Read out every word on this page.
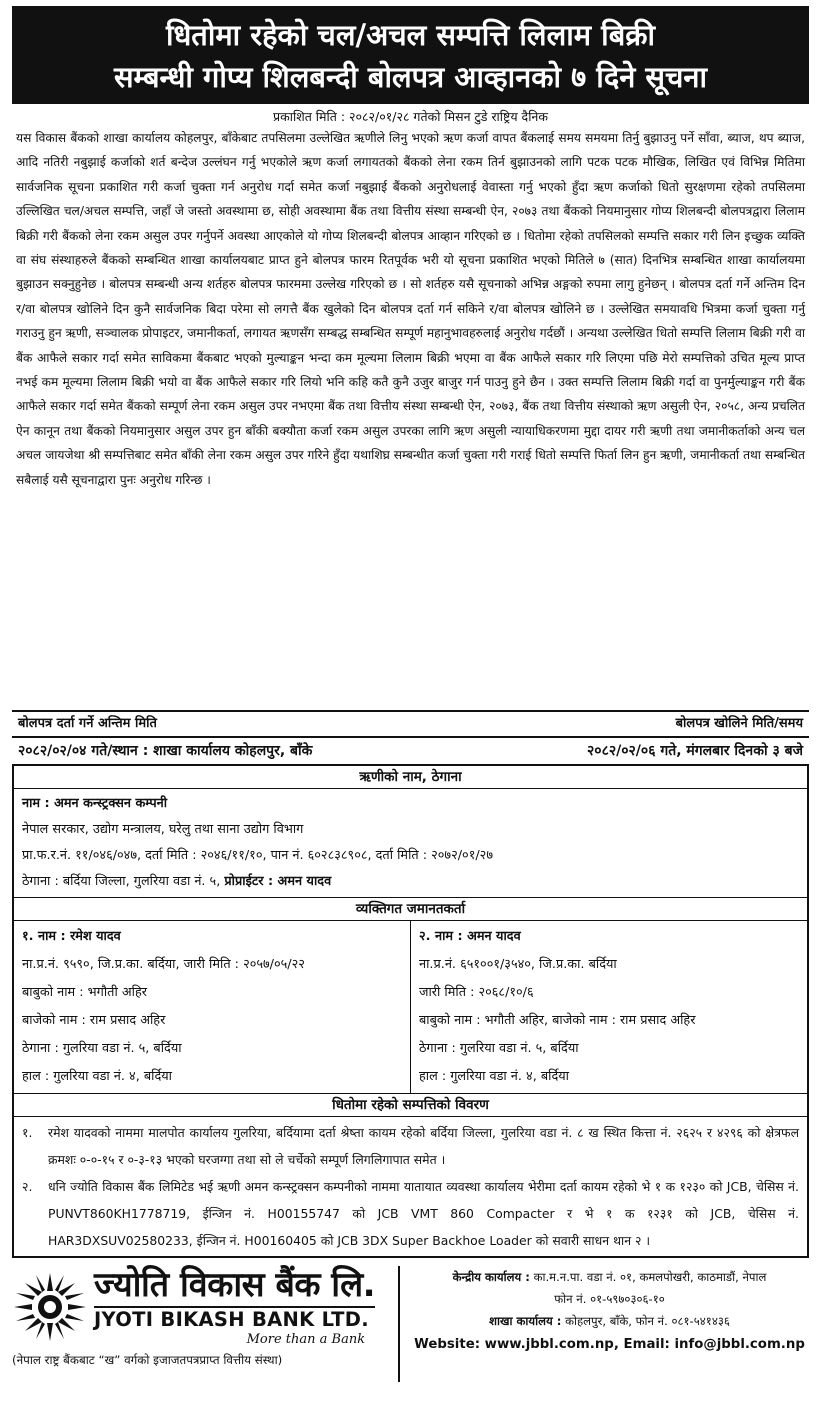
धितोमा रहेको चल/अचल सम्पत्ति लिलाम बिक्री
सम्बन्धी गोप्य शिलबन्दी बोलपत्र आव्हानको ७ दिने सूचना
प्रकाशित मिति : २०८२/०१/२८ गतेको मिसन टुडे राष्ट्रिय दैनिक
यस विकास बैंकको शाखा कार्यालय कोहलपुर, बाँकेबाट तपसिलमा उल्लेखित ऋणीले लिनु भएको ऋण कर्जा वापत बैंकलाई समय समयमा तिर्नु बुझाउनु पर्ने साँवा, ब्याज, थप ब्याज, आदि नतिरी नबुझाई कर्जाको शर्त बन्देज उल्लंघन गर्नु भएकोले ऋण कर्जा लगायतको बैंकको लेना रकम तिर्न बुझाउनको लागि पटक पटक मौखिक, लिखित एवं विभिन्न मितिमा सार्वजनिक सूचना प्रकाशित गरी कर्जा चुक्ता गर्न अनुरोध गर्दा समेत कर्जा नबुझाई बैंकको अनुरोधलाई वेवास्ता गर्नु भएको हुँदा ऋण कर्जाको धितो सुरक्षणमा रहेको तपसिलमा उल्लिखित चल/अचल सम्पत्ति, जहाँ जे जस्तो अवस्थामा छ, सोही अवस्थामा बैंक तथा वित्तीय संस्था सम्बन्धी ऐन, २०७३ तथा बैंकको नियमानुसार गोप्य शिलबन्दी बोलपत्रद्वारा लिलाम बिक्री गरी बैंकको लेना रकम असुल उपर गर्नुपर्ने अवस्था आएकोले यो गोप्य शिलबन्दी बोलपत्र आव्हान गरिएको छ । धितोमा रहेको तपसिलको सम्पत्ति सकार गरी लिन इच्छुक व्यक्ति वा संघ संस्थाहरुले बैंकको सम्बन्धित शाखा कार्यालयबाट प्राप्त हुने बोलपत्र फारम रितपूर्वक भरी यो सूचना प्रकाशित भएको मितिले ७ (सात) दिनभित्र सम्बन्धित शाखा कार्यालयमा बुझाउन सक्नुहुनेछ । बोलपत्र सम्बन्धी अन्य शर्तहरु बोलपत्र फारममा उल्लेख गरिएको छ । सो शर्तहरु यसै सूचनाको अभिन्न अङ्गको रुपमा लागु हुनेछन् । बोलपत्र दर्ता गर्ने अन्तिम दिन र/वा बोलपत्र खोलिने दिन कुनै सार्वजनिक बिदा परेमा सो लगत्तै बैंक खुलेको दिन बोलपत्र दर्ता गर्न सकिने र/वा बोलपत्र खोलिने छ । उल्लेखित समयावधि भित्रमा कर्जा चुक्ता गर्नु गराउनु हुन ऋणी, सञ्चालक प्रोपाइटर, जमानीकर्ता, लगायत ऋणसँग सम्बद्ध सम्बन्धित सम्पूर्ण महानुभावहरुलाई अनुरोध गर्दछौं । अन्यथा उल्लेखित धितो सम्पत्ति लिलाम बिक्री गरी वा बैंक आफैले सकार गर्दा समेत साविकमा बैंकबाट भएको मुल्याङ्कन भन्दा कम मूल्यमा लिलाम बिक्री भएमा वा बैंक आफैले सकार गरि लिएमा पछि मेरो सम्पत्तिको उचित मूल्य प्राप्त नभई कम मूल्यमा लिलाम बिक्री भयो वा बैंक आफैले सकार गरि लियो भनि कहि कतै कुनै उजुर बाजुर गर्न पाउनु हुने छैन । उक्त सम्पत्ति लिलाम बिक्री गर्दा वा पुनर्मुल्याङ्कन गरी बैंक आफैले सकार गर्दा समेत बैंकको सम्पूर्ण लेना रकम असुल उपर नभएमा बैंक तथा वित्तीय संस्था सम्बन्धी ऐन, २०७३, बैंक तथा वित्तीय संस्थाको ऋण असुली ऐन, २०५८, अन्य प्रचलित ऐन कानून तथा बैंकको नियमानुसार असुल उपर हुन बाँकी बक्यौता कर्जा रकम असुल उपरका लागि ऋण असुली न्यायाधिकरणमा मुद्दा दायर गरी ऋणी तथा जमानीकर्ताको अन्य चल अचल जायजेथा श्री सम्पत्तिबाट समेत बाँकी लेना रकम असुल उपर गरिने हुँदा यथाशिघ्र सम्बन्धीत कर्जा चुक्ता गरी गराई धितो सम्पत्ति फिर्ता लिन हुन ऋणी, जमानीकर्ता तथा सम्बन्धित सबैलाई यसै सूचनाद्वारा पुनः अनुरोध गरिन्छ ।
बोलपत्र दर्ता गर्ने अन्तिम मिति	बोलपत्र खोलिने मिति/समय
२०८२/०२/०४ गते/स्थान : शाखा कार्यालय कोहलपुर, बाँके	२०८२/०२/०६ गते, मंगलबार दिनको ३ बजे
ऋणीको नाम, ठेगाना
नाम : अमन कन्स्ट्रक्सन कम्पनी
नेपाल सरकार, उद्योग मन्त्रालय, घरेलु तथा साना उद्योग विभाग
प्रा.फ.र.नं. ११/०४६/०४७, दर्ता मिति : २०४६/११/१०, पान नं. ६०२८३८९०८, दर्ता मिति : २०७२/०१/२७
ठेगाना : बर्दिया जिल्ला, गुलरिया वडा नं. ५, प्रोप्राईटर : अमन यादव
व्यक्तिगत जमानतकर्ता
१. नाम : रमेश यादव
ना.प्र.नं. ९५९०, जि.प्र.का. बर्दिया, जारी मिति : २०५७/०५/२२
बाबुको नाम : भगौती अहिर
बाजेको नाम : राम प्रसाद अहिर
ठेगाना : गुलरिया वडा नं. ५, बर्दिया
हाल : गुलरिया वडा नं. ४, बर्दिया
२. नाम : अमन यादव
ना.प्र.नं. ६५१००१/३५४०, जि.प्र.का. बर्दिया
जारी मिति : २०६८/१०/६
बाबुको नाम : भगौती अहिर, बाजेको नाम : राम प्रसाद अहिर
ठेगाना : गुलरिया वडा नं. ५, बर्दिया
हाल : गुलरिया वडा नं. ४, बर्दिया
धितोमा रहेको सम्पत्तिको विवरण
१.	रमेश यादवको नाममा मालपोत कार्यालय गुलरिया, बर्दियामा दर्ता श्रेष्ता कायम रहेको बर्दिया जिल्ला, गुलरिया वडा नं. ८ ख स्थित कित्ता नं. २६२५ र ४२९६ को क्षेत्रफल क्रमशः ०-०-१५ र ०-३-१३ भएको घरजग्गा तथा सो ले चर्चेको सम्पूर्ण लिगलिगापात समेत ।
२.	धनि ज्योति विकास बैंक लिमिटेड भई ऋणी अमन कन्स्ट्रक्सन कम्पनीको नाममा यातायात व्यवस्था कार्यालय भेरीमा दर्ता कायम रहेको भे १ क १२३० को JCB, चेसिस नं. PUNVT860KH1778719, ईन्जिन नं. H00155747 को JCB VMT 860 Compacter र भे १ क १२३१ को JCB, चेसिस नं. HAR3DXSUV02580233, ईन्जिन नं. H00160405 को JCB 3DX Super Backhoe Loader को सवारी साधन थान २ ।
ज्योति विकास बैंक लि.
JYOTI BIKASH BANK LTD.
More than a Bank
(नेपाल राष्ट्र बैंकबाट “ख” वर्गको इजाजतपत्रप्राप्त वित्तीय संस्था)
केन्द्रीय कार्यालय : का.म.न.पा. वडा नं. ०१, कमलपोखरी, काठमाडौं, नेपाल
फोन नं. ०१-५९७०३०६-१०
शाखा कार्यालय : कोहलपुर, बाँके, फोन नं. ०८१-५४१४३६
Website: www.jbbl.com.np, Email: info@jbbl.com.np
